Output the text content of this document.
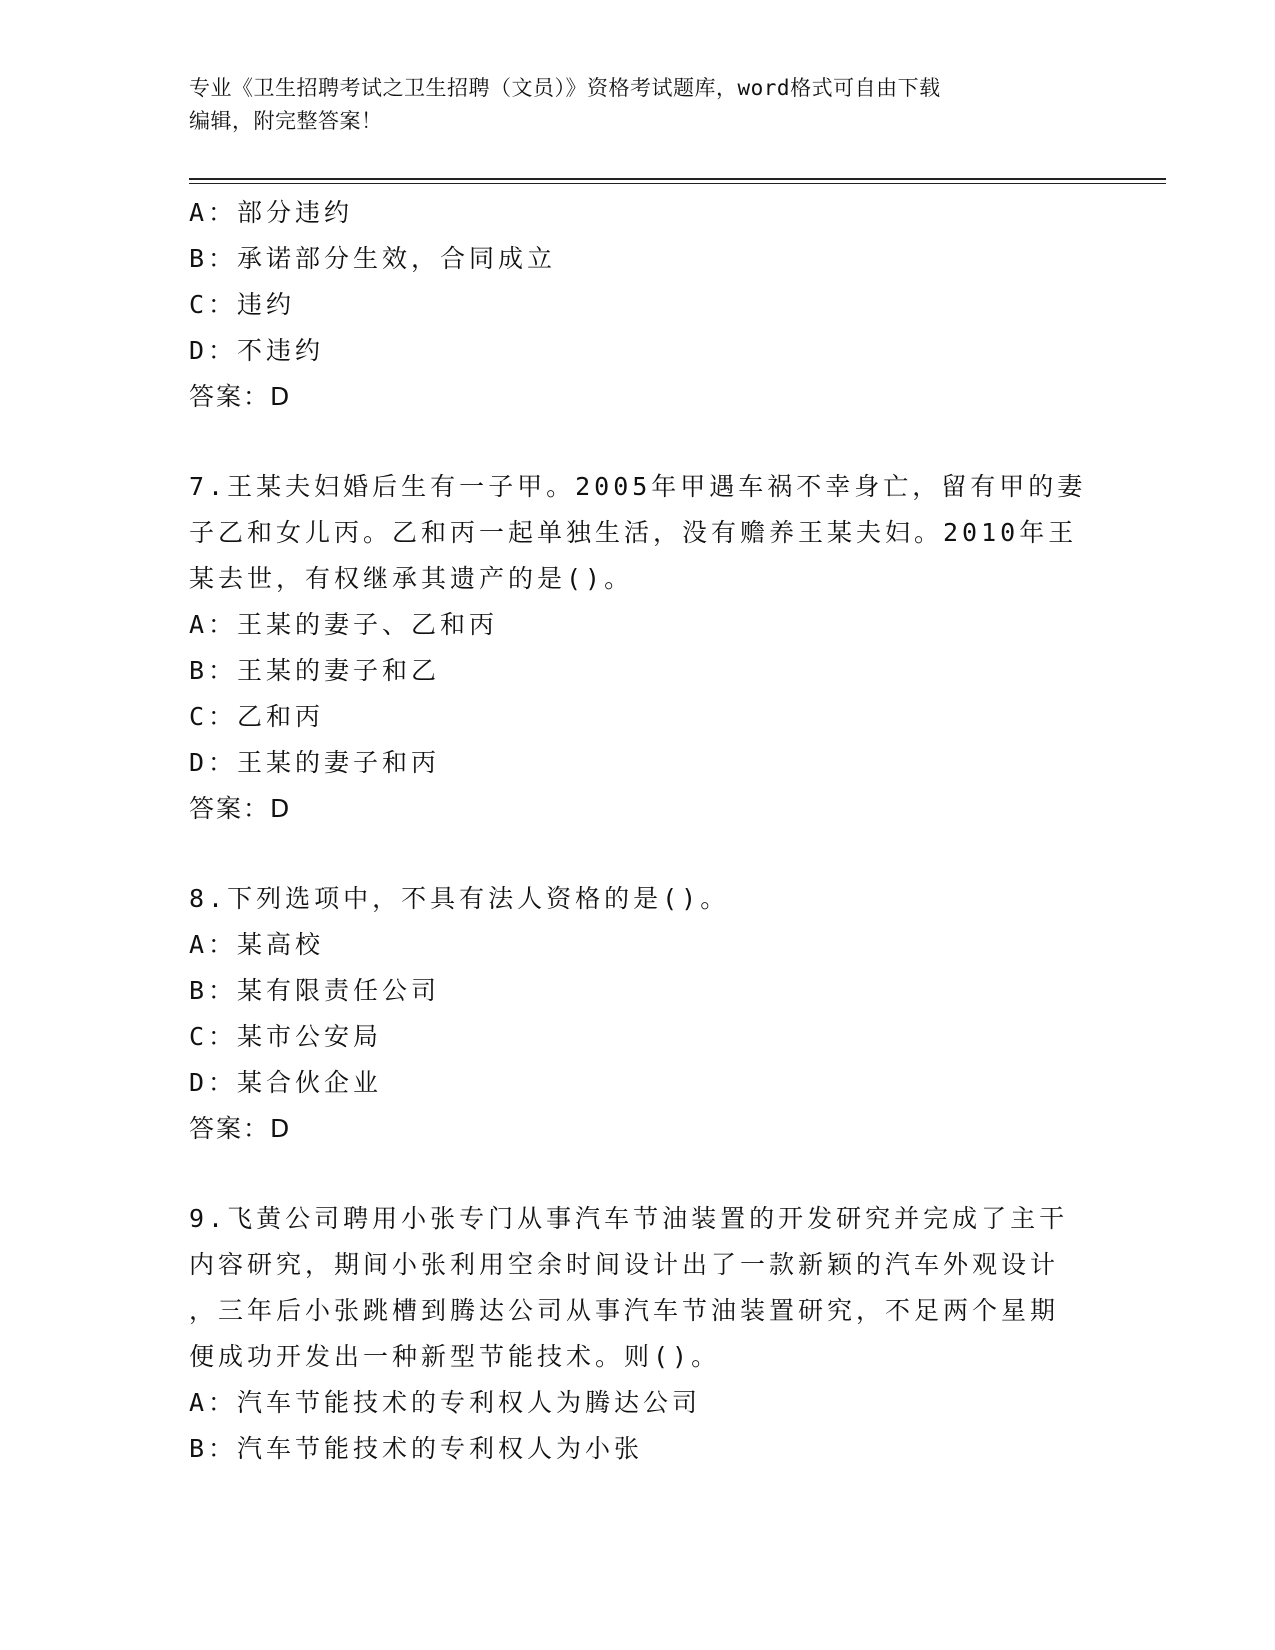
专业《卫生招聘考试之卫生招聘（文员）》资格考试题库，word格式可自由下载
编辑，附完整答案！
A：部分违约
B：承诺部分生效，合同成立
C：违约
D：不违约
答案：D
7.王某夫妇婚后生有一子甲。2005年甲遇车祸不幸身亡，留有甲的妻
子乙和女儿丙。乙和丙一起单独生活，没有赡养王某夫妇。2010年王
某去世，有权继承其遗产的是()。
A：王某的妻子、乙和丙
B：王某的妻子和乙
C：乙和丙
D：王某的妻子和丙
答案：D
8.下列选项中，不具有法人资格的是()。
A：某高校
B：某有限责任公司
C：某市公安局
D：某合伙企业
答案：D
9.飞黄公司聘用小张专门从事汽车节油装置的开发研究并完成了主干
内容研究，期间小张利用空余时间设计出了一款新颖的汽车外观设计
，三年后小张跳槽到腾达公司从事汽车节油装置研究，不足两个星期
便成功开发出一种新型节能技术。则()。
A：汽车节能技术的专利权人为腾达公司
B：汽车节能技术的专利权人为小张
